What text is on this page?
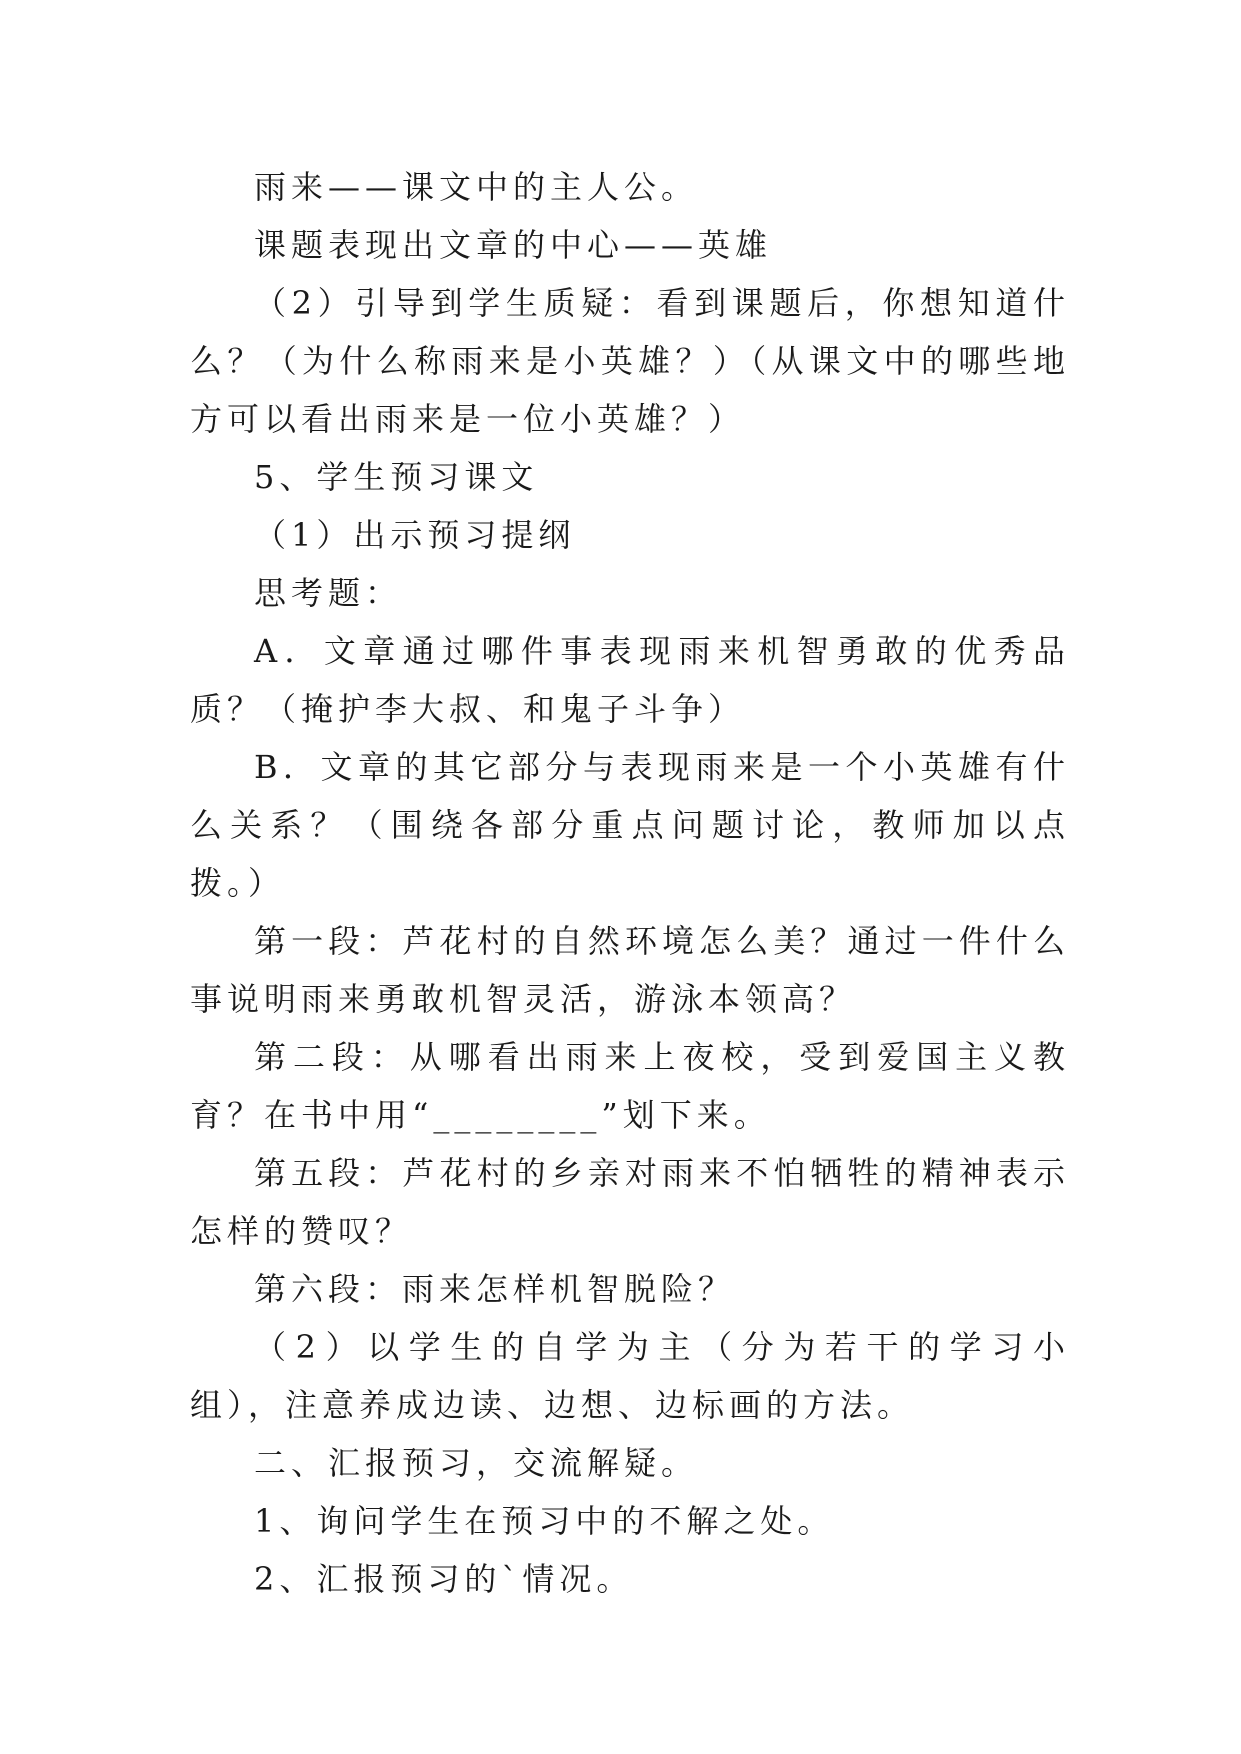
雨来——课文中的主人公。

课题表现出文章的中心——英雄

（2）引导到学生质疑：看到课题后，你想知道什么？（为什么称雨来是小英雄？）（从课文中的哪些地方可以看出雨来是一位小英雄？）

5、学生预习课文

（1）出示预习提纲

思考题：

A．文章通过哪件事表现雨来机智勇敢的优秀品质？（掩护李大叔、和鬼子斗争）

B．文章的其它部分与表现雨来是一个小英雄有什么关系？（围绕各部分重点问题讨论，教师加以点拨。）

第一段：芦花村的自然环境怎么美？通过一件什么事说明雨来勇敢机智灵活，游泳本领高？

第二段：从哪看出雨来上夜校，受到爱国主义教育？在书中用“________”划下来。

第五段：芦花村的乡亲对雨来不怕牺牲的精神表示怎样的赞叹？

第六段：雨来怎样机智脱险？

（2）以学生的自学为主（分为若干的学习小组），注意养成边读、边想、边标画的方法。

二、汇报预习，交流解疑。

1、询问学生在预习中的不解之处。

2、汇报预习的`情况。
